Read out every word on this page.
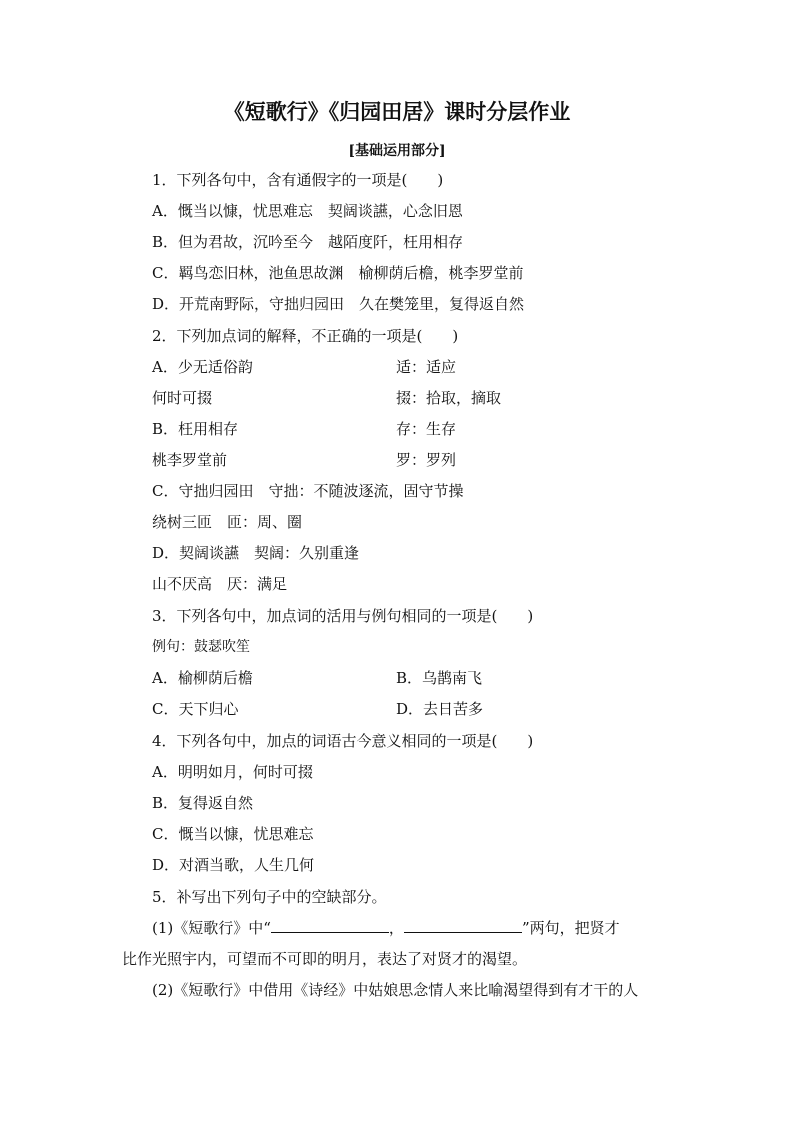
《短歌行》《归园田居》课时分层作业
[基础运用部分]
1．下列各句中，含有通假字的一项是(　　)
A．慨当以慷，忧思难忘　契阔谈讌，心念旧恩
B．但为君故，沉吟至今　越陌度阡，枉用相存
C．羁鸟恋旧林，池鱼思故渊　榆柳荫后檐，桃李罗堂前
D．开荒南野际，守拙归园田　久在樊笼里，复得返自然
2．下列加点词的解释，不正确的一项是(　　)
A．少无适俗韵	适：适应
何时可掇	掇：拾取，摘取
B．枉用相存	存：生存
桃李罗堂前	罗：罗列
C．守拙归园田　守拙：不随波逐流，固守节操
绕树三匝　匝：周、圈
D．契阔谈讌　契阔：久别重逢
山不厌高　厌：满足
3．下列各句中，加点词的活用与例句相同的一项是(　　)
例句：鼓瑟吹笙
A．榆柳荫后檐	B．乌鹊南飞
C．天下归心	D．去日苦多
4．下列各句中，加点的词语古今意义相同的一项是(　　)
A．明明如月，何时可掇
B．复得返自然
C．慨当以慷，忧思难忘
D．对酒当歌，人生几何
5．补写出下列句子中的空缺部分。
(1)《短歌行》中“	，	”两句，把贤才
比作光照宇内，可望而不可即的明月，表达了对贤才的渴望。
(2)《短歌行》中借用《诗经》中姑娘思念情人来比喻渴望得到有才干的人
